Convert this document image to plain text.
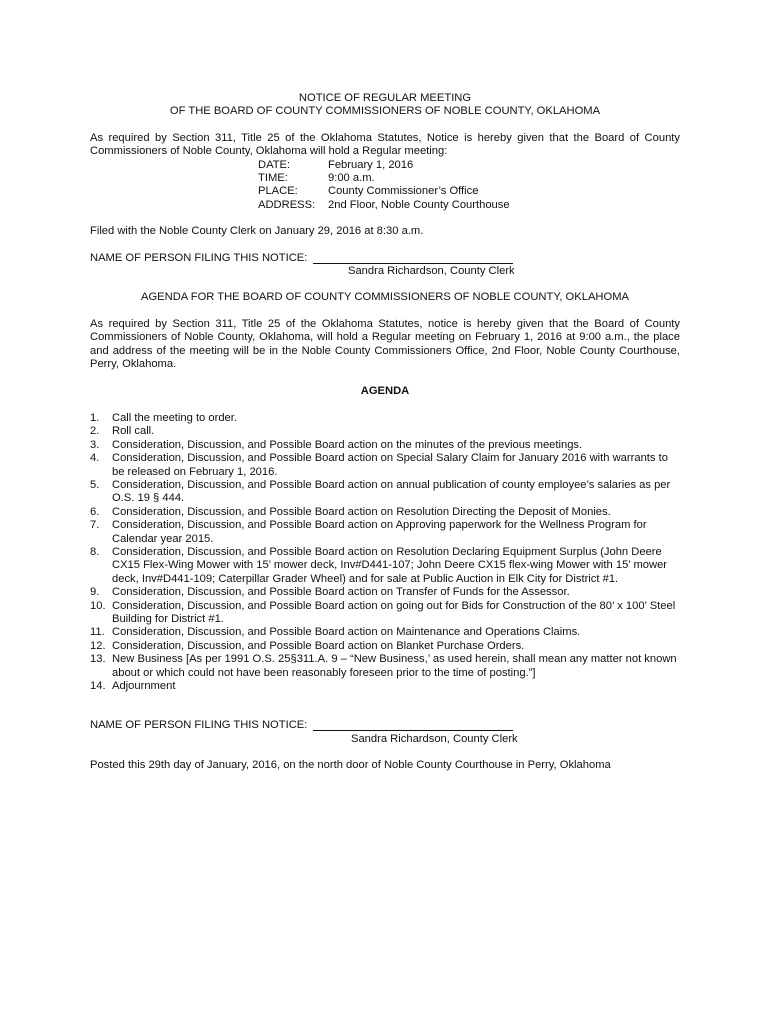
NOTICE OF REGULAR MEETING

OF THE BOARD OF COUNTY COMMISSIONERS OF NOBLE COUNTY, OKLAHOMA

As required by Section 311, Title 25 of the Oklahoma Statutes, Notice is hereby given that the Board of County Commissioners of Noble County, Oklahoma will hold a Regular meeting:

DATE:	February 1, 2016
TIME:	9:00 a.m.
PLACE:	County Commissioner’s Office
ADDRESS:	2nd Floor, Noble County Courthouse

Filed with the Noble County Clerk on January 29, 2016 at 8:30 a.m.

NAME OF PERSON FILING THIS NOTICE:

Sandra Richardson, County Clerk

AGENDA FOR THE BOARD OF COUNTY COMMISSIONERS OF NOBLE COUNTY, OKLAHOMA

As required by Section 311, Title 25 of the Oklahoma Statutes, notice is hereby given that the Board of County Commissioners of Noble County, Oklahoma, will hold a Regular meeting on February 1, 2016 at 9:00 a.m., the place and address of the meeting will be in the Noble County Commissioners Office, 2nd Floor, Noble County Courthouse, Perry, Oklahoma.

AGENDA

1.	Call the meeting to order.
2.	Roll call.
3.	Consideration, Discussion, and Possible Board action on the minutes of the previous meetings.
4.	Consideration, Discussion, and Possible Board action on Special Salary Claim for January 2016 with warrants to be released on February 1, 2016.
5.	Consideration, Discussion, and Possible Board action on annual publication of county employee’s salaries as per O.S. 19 § 444.
6.	Consideration, Discussion, and Possible Board action on Resolution Directing the Deposit of Monies.
7.	Consideration, Discussion, and Possible Board action on Approving paperwork for the Wellness Program for Calendar year 2015.
8.	Consideration, Discussion, and Possible Board action on Resolution Declaring Equipment Surplus (John Deere CX15 Flex-Wing Mower with 15’ mower deck, Inv#D441-107; John Deere CX15 flex-wing Mower with 15’ mower deck, Inv#D441-109; Caterpillar Grader Wheel) and for sale at Public Auction in Elk City for District #1.
9.	Consideration, Discussion, and Possible Board action on Transfer of Funds for the Assessor.
10. Consideration, Discussion, and Possible Board action on going out for Bids for Construction of the 80’ x 100’ Steel Building for District #1.
11. Consideration, Discussion, and Possible Board action on Maintenance and Operations Claims.
12. Consideration, Discussion, and Possible Board action on Blanket Purchase Orders.
13. New Business [As per 1991 O.S. 25§311.A. 9 – “New Business,’ as used herein, shall mean any matter not known about or which could not have been reasonably foreseen prior to the time of posting.”]
14. Adjournment
NAME OF PERSON FILING THIS NOTICE:

Sandra Richardson, County Clerk

Posted this 29th day of January, 2016, on the north door of Noble County Courthouse in Perry, Oklahoma
